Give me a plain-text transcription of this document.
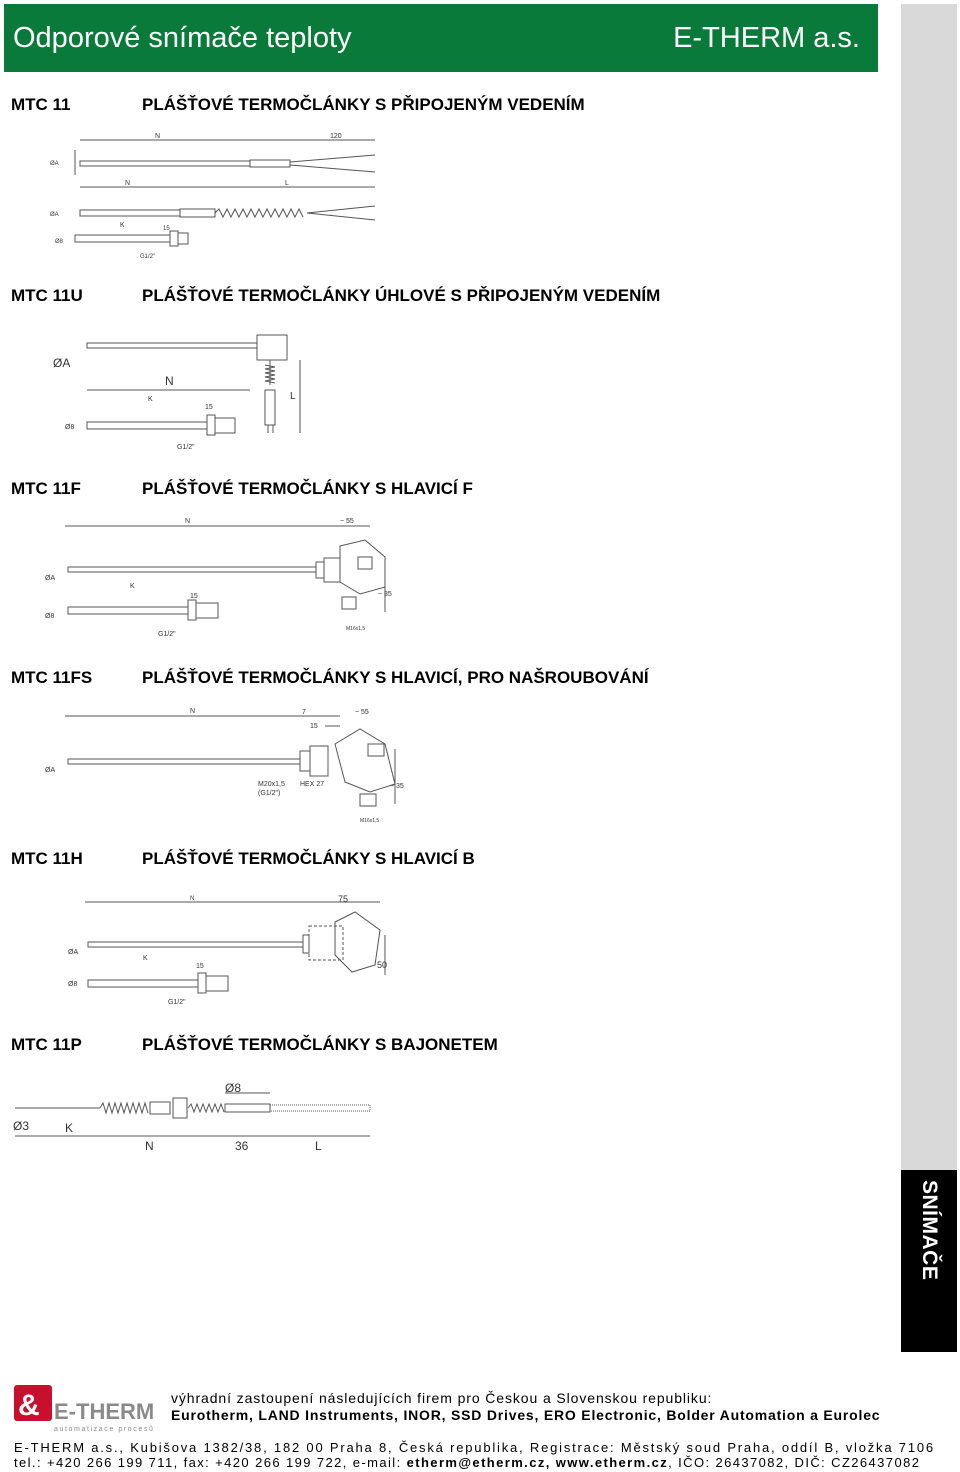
Odporové snímače teploty	E-THERM a.s.
SNÍMAČE
MTC 11	PLÁŠŤOVÉ TERMOČLÁNKY S PŘIPOJENÝM VEDENÍM
N	120
N	L
K	15
G1/2"
ØA
ØA
Ø8
MTC 11U	PLÁŠŤOVÉ TERMOČLÁNKY ÚHLOVÉ S PŘIPOJENÝM VEDENÍM
ØA
N
K
15
L
Ø8
G1/2"
MTC 11F	PLÁŠŤOVÉ TERMOČLÁNKY S HLAVICÍ F
N	~ 55
ØA
K
15	~ 35
Ø8
G1/2"
M16x1,5
MTC 11FS	PLÁŠŤOVÉ TERMOČLÁNKY S HLAVICÍ, PRO NAŠROUBOVÁNÍ
N	7	~ 55
15
ØA
M20x1,5
(G1/2")
HEX 27	~ 35
M16x1,5
MTC 11H	PLÁŠŤOVÉ TERMOČLÁNKY S HLAVICÍ B
N	75
ØA
K
15	50
Ø8
G1/2"
MTC 11P	PLÁŠŤOVÉ TERMOČLÁNKY S BAJONETEM
Ø8
Ø3	K
N	36	L
& E-THERM
automatizace procesů
výhradní zastoupení následujících firem pro Českou a Slovenskou republiku:
Eurotherm, LAND Instruments, INOR, SSD Drives, ERO Electronic, Bolder Automation a Eurolec
E-THERM a.s., Kubišova 1382/38, 182 00 Praha 8, Česká republika, Registrace: Městský soud Praha, oddíl B, vložka 7106
tel.: +420 266 199 711, fax: +420 266 199 722, e-mail: etherm@etherm.cz, www.etherm.cz, IČO: 26437082, DIČ: CZ26437082
